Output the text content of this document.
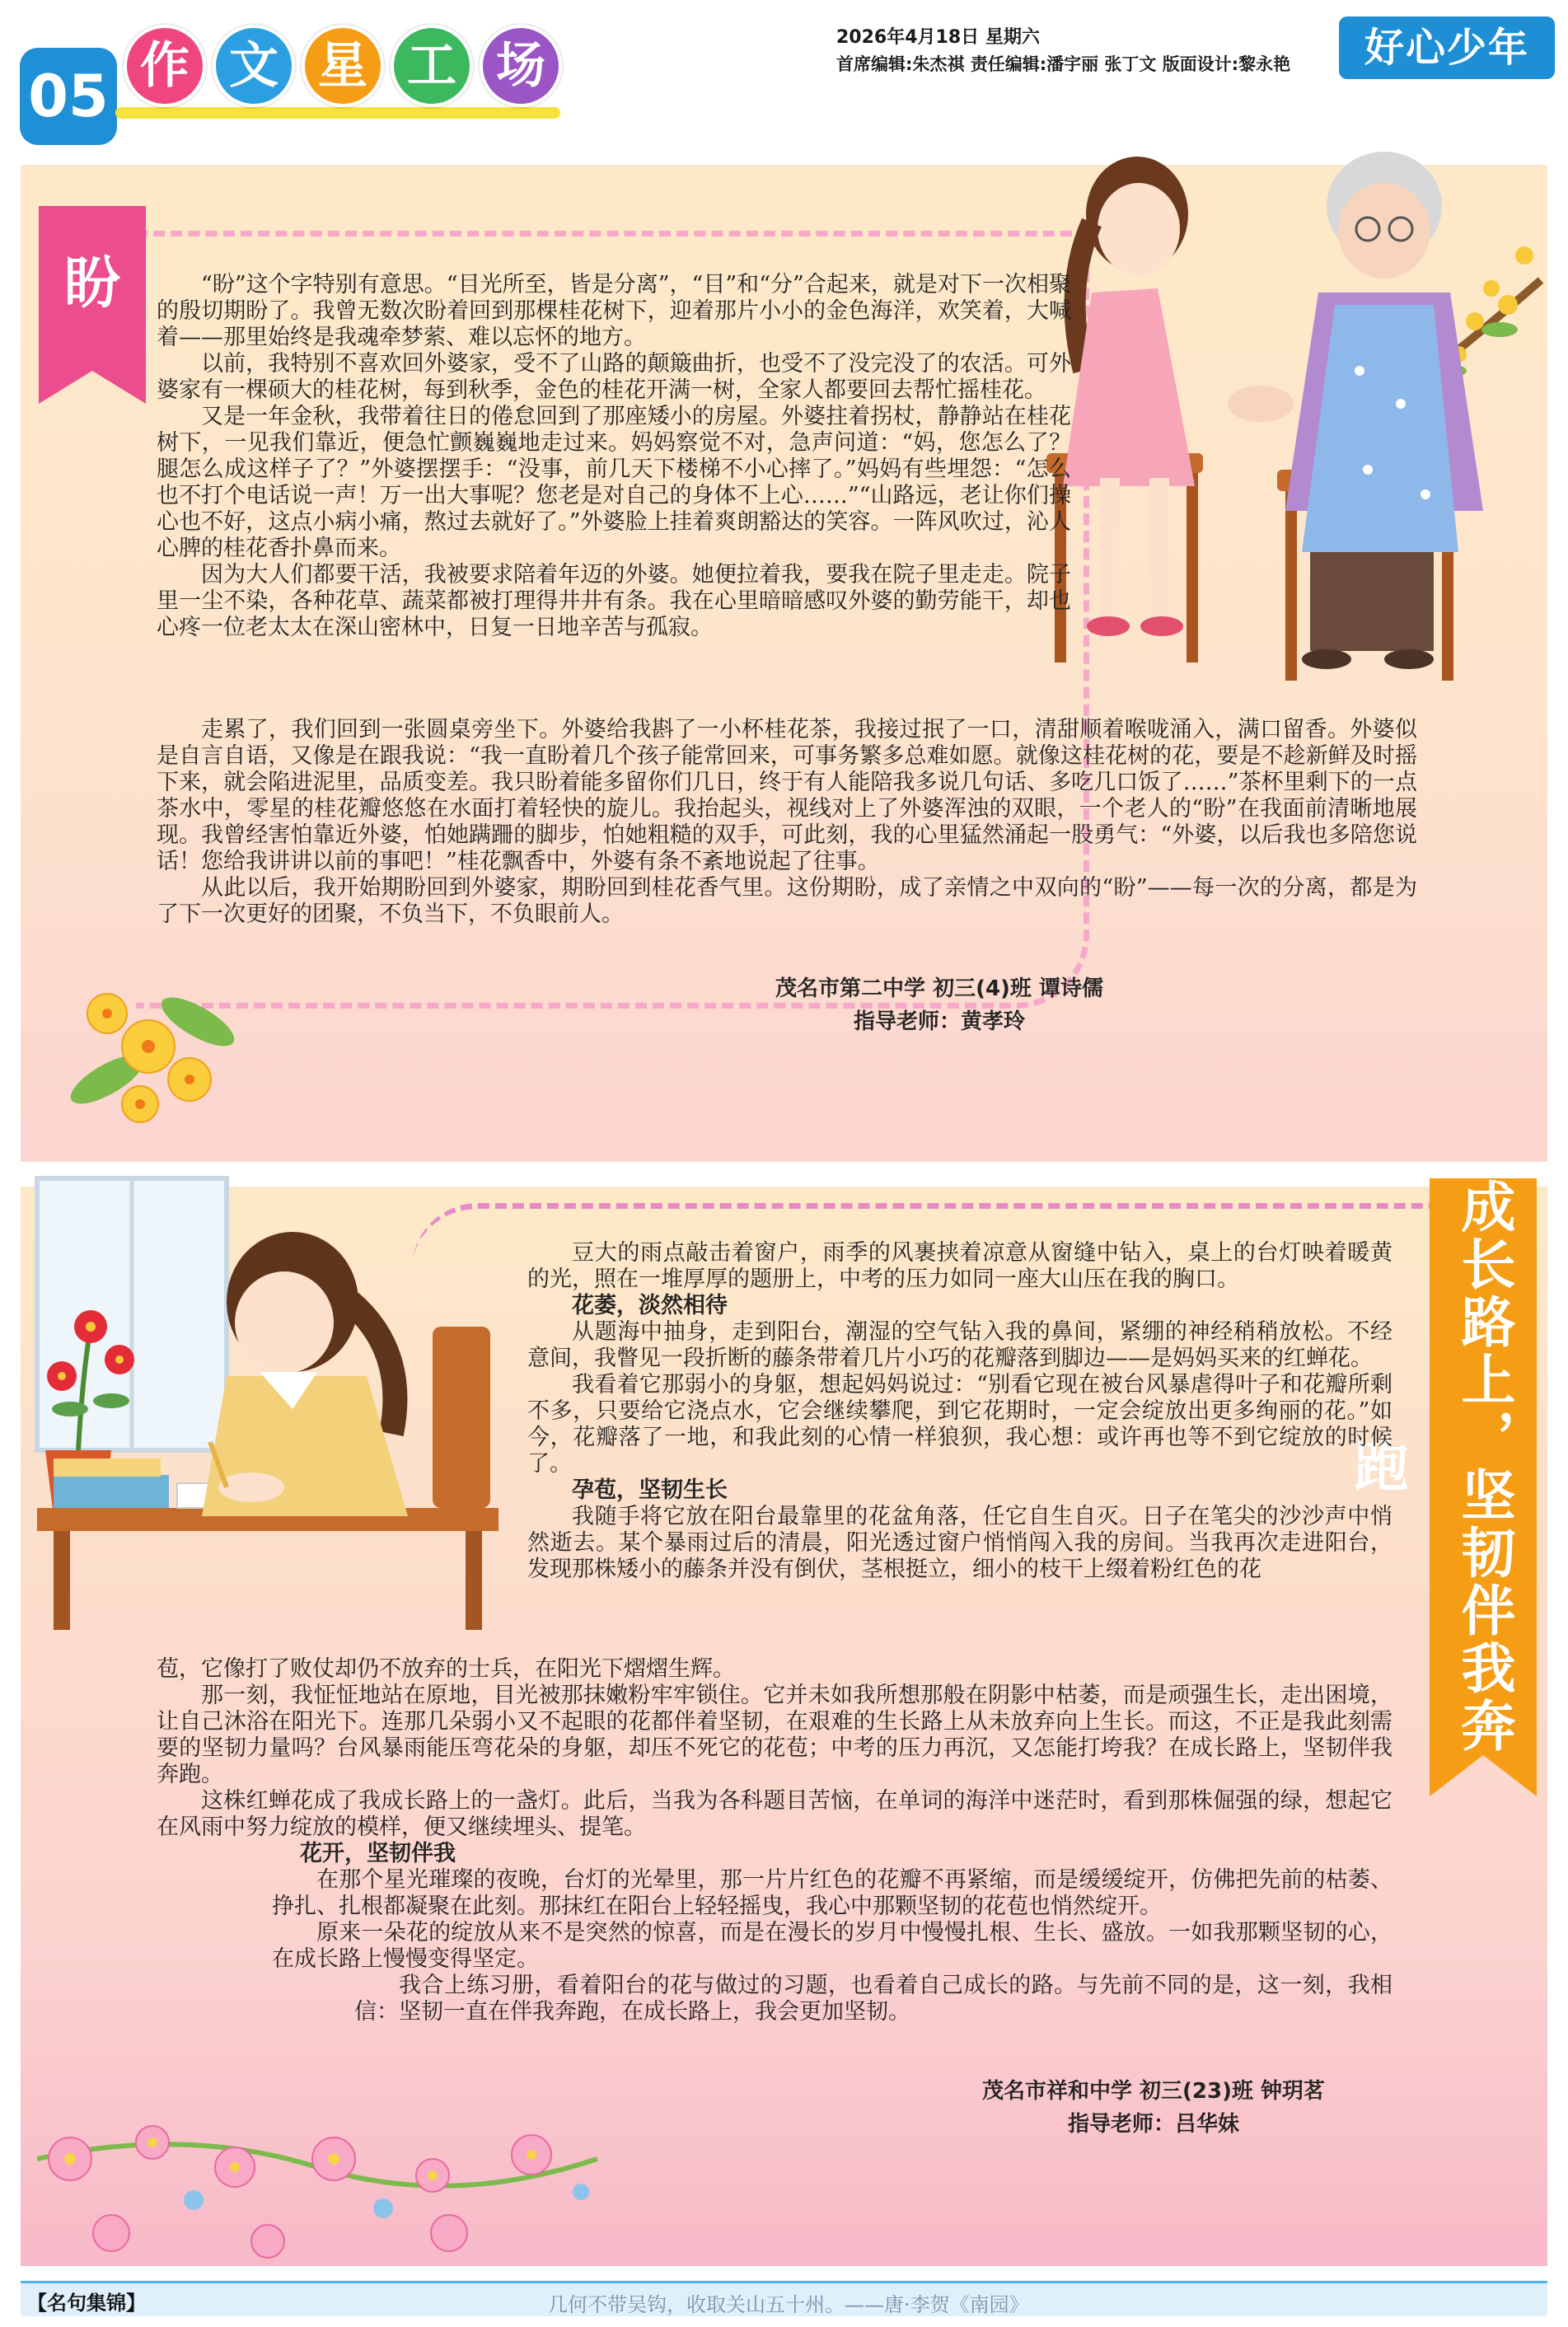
05 作 文 星 工 场	2026年4月18日 星期六
首席编辑:朱杰祺 责任编辑:潘宇丽 张丁文 版面设计:黎永艳	好心少年
盼	“盼”这个字特别有意思。“目光所至，皆是分离”，“目”和“分”合起来，就是对下一次相聚的殷切期盼了。我曾无数次盼着回到那棵桂花树下，迎着那片小小的金色海洋，欢笑着，大喊着——那里始终是我魂牵梦萦、难以忘怀的地方。

以前，我特别不喜欢回外婆家，受不了山路的颠簸曲折，也受不了没完没了的农活。可外婆家有一棵硕大的桂花树，每到秋季，金色的桂花开满一树，全家人都要回去帮忙摇桂花。

又是一年金秋，我带着往日的倦怠回到了那座矮小的房屋。外婆拄着拐杖，静静站在桂花树下，一见我们靠近，便急忙颤巍巍地走过来。妈妈察觉不对，急声问道：“妈，您怎么了？腿怎么成这样子了？”外婆摆摆手：“没事，前几天下楼梯不小心摔了。”妈妈有些埋怨：“怎么也不打个电话说一声！万一出大事呢？您老是对自己的身体不上心……”“山路远，老让你们操心也不好，这点小病小痛，熬过去就好了。”外婆脸上挂着爽朗豁达的笑容。一阵风吹过，沁人心脾的桂花香扑鼻而来。

因为大人们都要干活，我被要求陪着年迈的外婆。她便拉着我，要我在院子里走走。院子里一尘不染，各种花草、蔬菜都被打理得井井有条。我在心里暗暗感叹外婆的勤劳能干，却也心疼一位老太太在深山密林中，日复一日地辛苦与孤寂。

走累了，我们回到一张圆桌旁坐下。外婆给我斟了一小杯桂花茶，我接过抿了一口，清甜顺着喉咙涌入，满口留香。外婆似是自言自语，又像是在跟我说：“我一直盼着几个孩子能常回来，可事务繁多总难如愿。就像这桂花树的花，要是不趁新鲜及时摇下来，就会陷进泥里，品质变差。我只盼着能多留你们几日，终于有人能陪我多说几句话、多吃几口饭了……”茶杯里剩下的一点茶水中，零星的桂花瓣悠悠在水面打着轻快的旋儿。我抬起头，视线对上了外婆浑浊的双眼，一个老人的“盼”在我面前清晰地展现。我曾经害怕靠近外婆，怕她蹒跚的脚步，怕她粗糙的双手，可此刻，我的心里猛然涌起一股勇气：“外婆，以后我也多陪您说话！您给我讲讲以前的事吧！”桂花飘香中，外婆有条不紊地说起了往事。

从此以后，我开始期盼回到外婆家，期盼回到桂花香气里。这份期盼，成了亲情之中双向的“盼”——每一次的分离，都是为了下一次更好的团聚，不负当下，不负眼前人。

茂名市第二中学 初三(4)班 谭诗儒
指导老师：黄孝玲
成长路上，坚韧伴我奔跑

豆大的雨点敲击着窗户，雨季的风裹挟着凉意从窗缝中钻入，桌上的台灯映着暖黄的光，照在一堆厚厚的题册上，中考的压力如同一座大山压在我的胸口。

花萎，淡然相待

从题海中抽身，走到阳台，潮湿的空气钻入我的鼻间，紧绷的神经稍稍放松。不经意间，我瞥见一段折断的藤条带着几片小巧的花瓣落到脚边——是妈妈买来的红蝉花。

我看着它那弱小的身躯，想起妈妈说过：“别看它现在被台风暴虐得叶子和花瓣所剩不多，只要给它浇点水，它会继续攀爬，到它花期时，一定会绽放出更多绚丽的花。”如今，花瓣落了一地，和我此刻的心情一样狼狈，我心想：或许再也等不到它绽放的时候了。

孕苞，坚韧生长

我随手将它放在阳台最靠里的花盆角落，任它自生自灭。日子在笔尖的沙沙声中悄然逝去。某个暴雨过后的清晨，阳光透过窗户悄悄闯入我的房间。当我再次走进阳台，发现那株矮小的藤条并没有倒伏，茎根挺立，细小的枝干上缀着粉红色的花

苞，它像打了败仗却仍不放弃的士兵，在阳光下熠熠生辉。

那一刻，我怔怔地站在原地，目光被那抹嫩粉牢牢锁住。它并未如我所想那般在阴影中枯萎，而是顽强生长，走出困境，让自己沐浴在阳光下。连那几朵弱小又不起眼的花都伴着坚韧，在艰难的生长路上从未放弃向上生长。而这，不正是我此刻需要的坚韧力量吗？台风暴雨能压弯花朵的身躯，却压不死它的花苞；中考的压力再沉，又怎能打垮我？在成长路上，坚韧伴我奔跑。

这株红蝉花成了我成长路上的一盏灯。此后，当我为各科题目苦恼，在单词的海洋中迷茫时，看到那株倔强的绿，想起它在风雨中努力绽放的模样，便又继续埋头、提笔。

花开，坚韧伴我

在那个星光璀璨的夜晚，台灯的光晕里，那一片片红色的花瓣不再紧缩，而是缓缓绽开，仿佛把先前的枯萎、挣扎、扎根都凝聚在此刻。那抹红在阳台上轻轻摇曳，我心中那颗坚韧的花苞也悄然绽开。

原来一朵花的绽放从来不是突然的惊喜，而是在漫长的岁月中慢慢扎根、生长、盛放。一如我那颗坚韧的心，在成长路上慢慢变得坚定。

我合上练习册，看着阳台的花与做过的习题，也看着自己成长的路。与先前不同的是，这一刻，我相信：坚韧一直在伴我奔跑，在成长路上，我会更加坚韧。

茂名市祥和中学 初三(23)班 钟玥茗
指导老师：吕华妹
【名句集锦】	几何不带吴钩，收取关山五十州。——唐·李贺《南园》
